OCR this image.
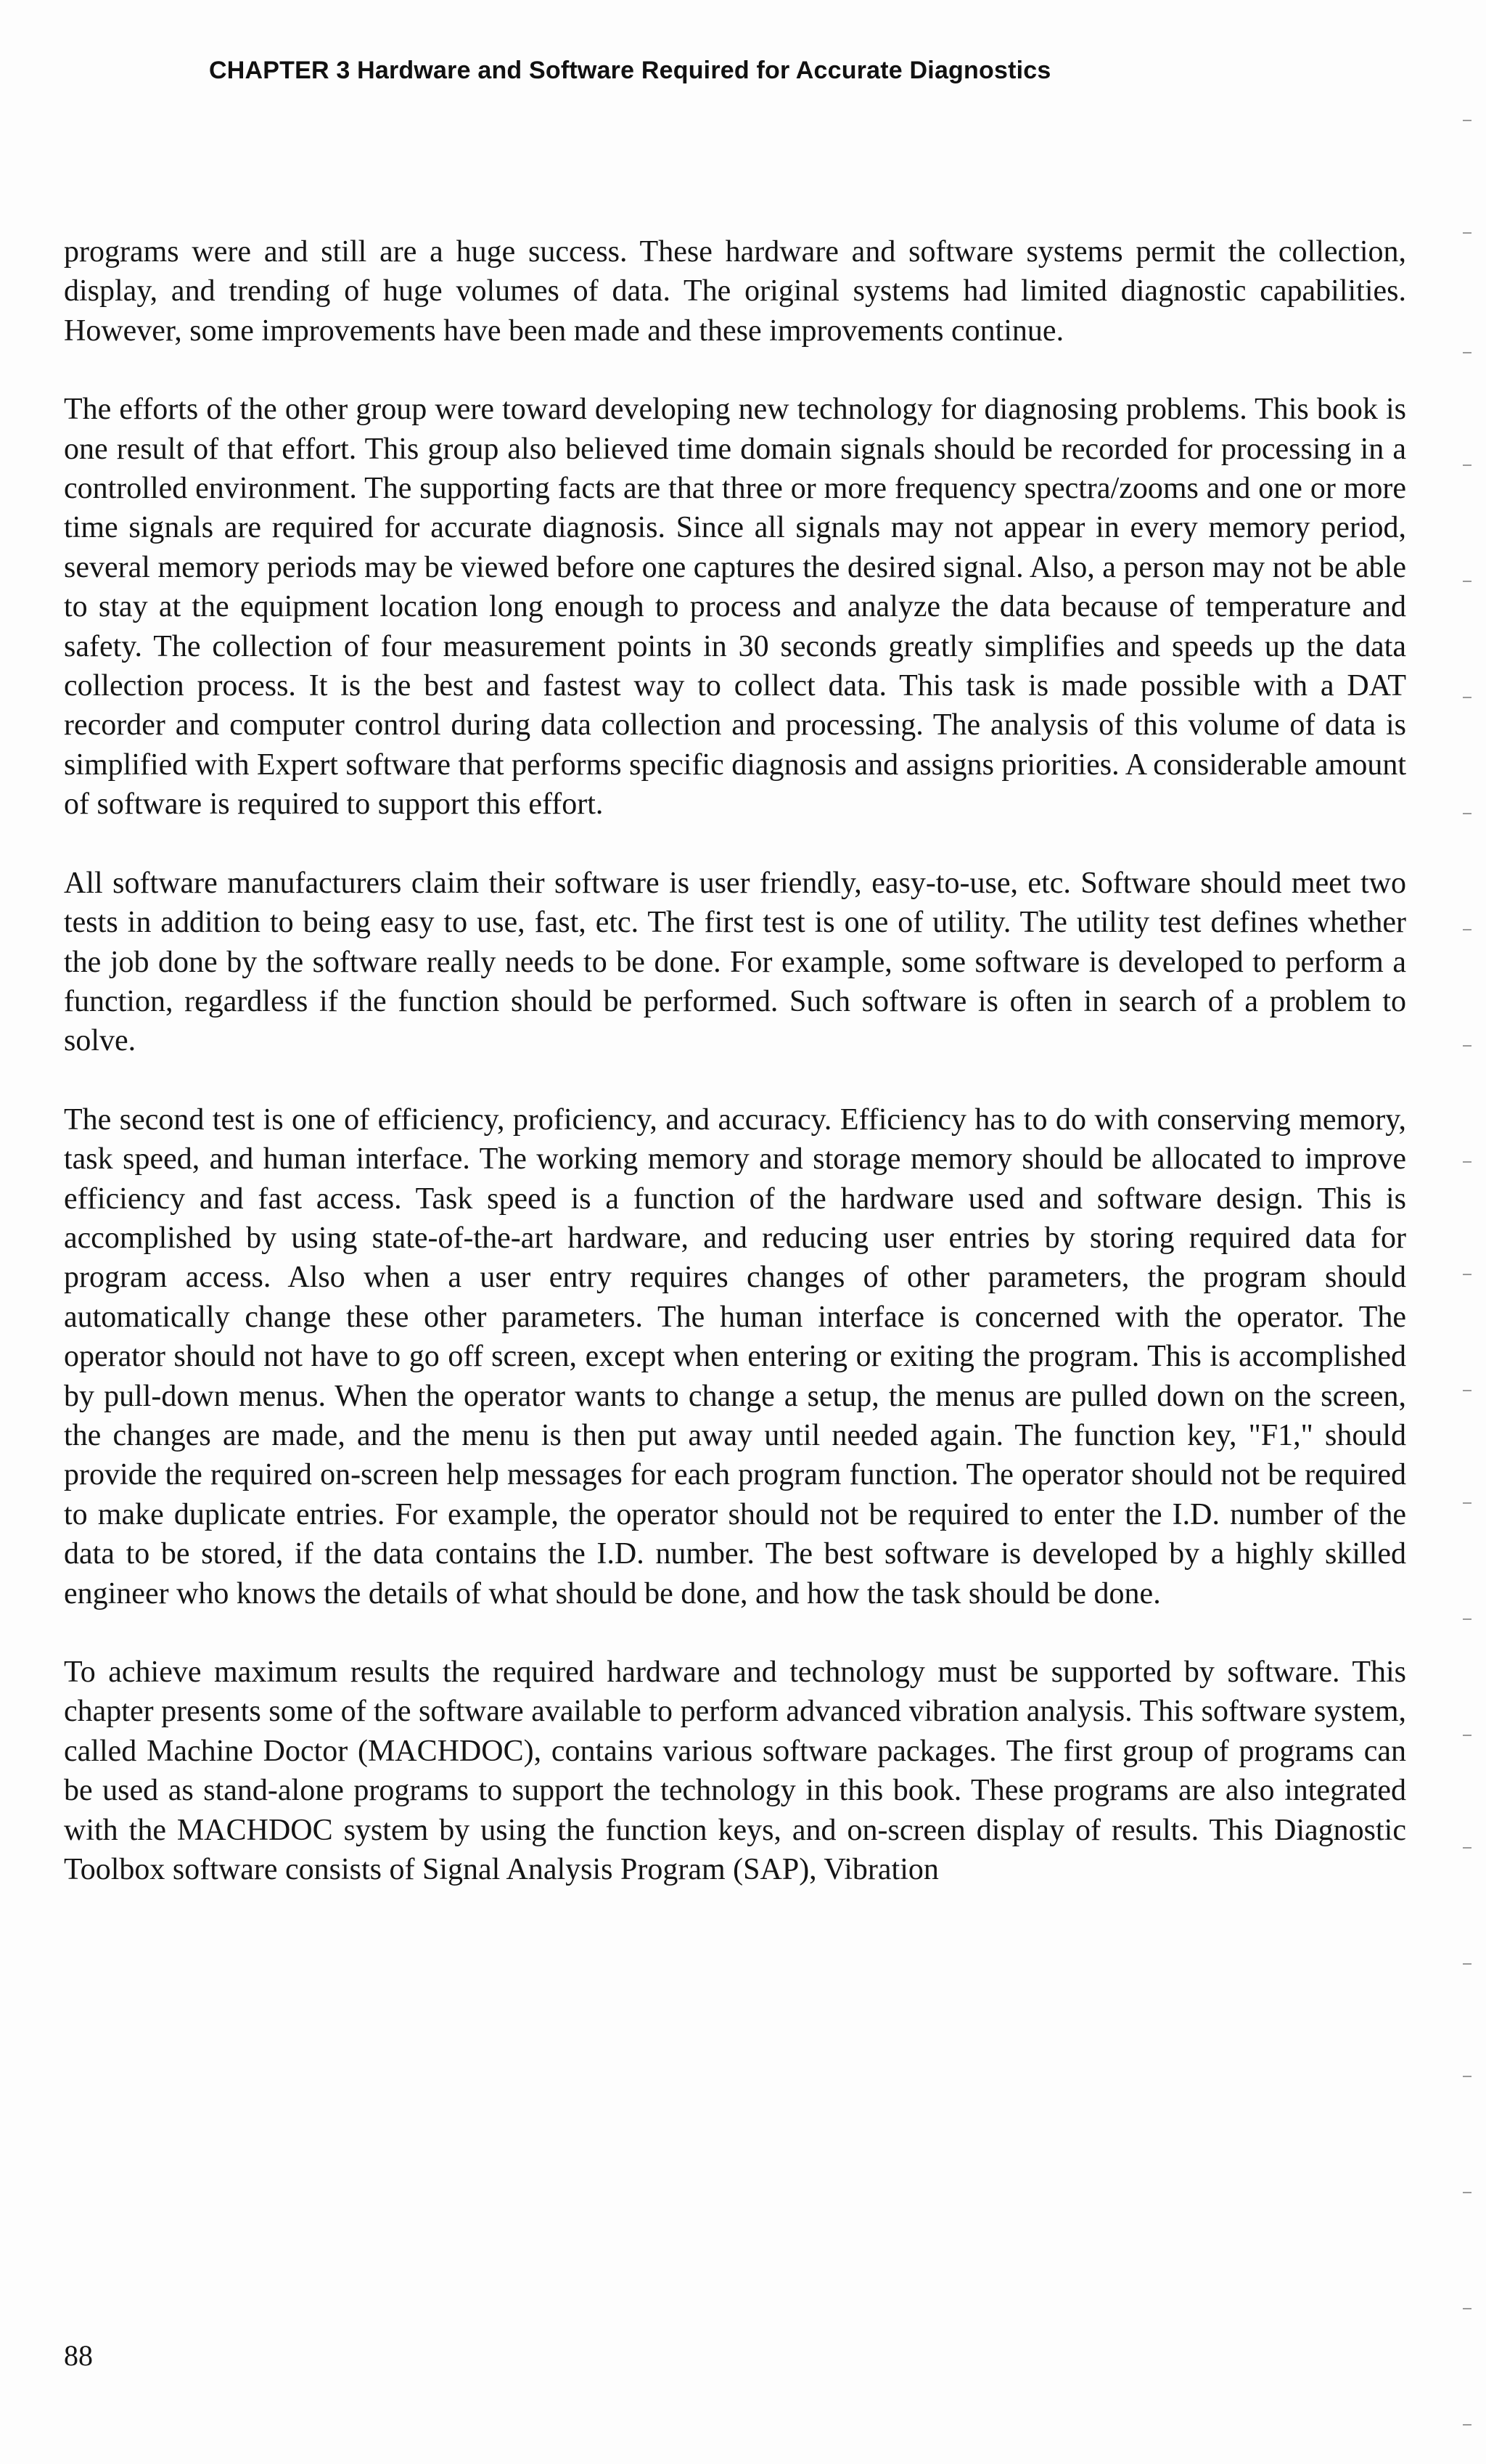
CHAPTER 3 Hardware and Software Required for Accurate Diagnostics

programs were and still are a huge success. These hardware and software systems permit the collection, display, and trending of huge volumes of data. The original systems had limited diagnostic capabilities. However, some improvements have been made and these improvements continue.

The efforts of the other group were toward developing new technology for diagnosing problems. This book is one result of that effort. This group also believed time domain signals should be recorded for processing in a controlled environment. The supporting facts are that three or more frequency spectra/zooms and one or more time signals are required for accurate diagnosis. Since all signals may not appear in every memory period, several memory periods may be viewed before one captures the desired signal. Also, a person may not be able to stay at the equipment location long enough to process and analyze the data because of temperature and safety. The collection of four measurement points in 30 seconds greatly simplifies and speeds up the data collection process. It is the best and fastest way to collect data. This task is made possible with a DAT recorder and computer control during data collection and processing. The analysis of this volume of data is simplified with Expert software that performs specific diagnosis and assigns priorities. A considerable amount of software is required to support this effort.

All software manufacturers claim their software is user friendly, easy-to-use, etc. Software should meet two tests in addition to being easy to use, fast, etc. The first test is one of utility. The utility test defines whether the job done by the software really needs to be done. For example, some software is developed to perform a function, regardless if the function should be performed. Such software is often in search of a problem to solve.

The second test is one of efficiency, proficiency, and accuracy. Efficiency has to do with conserving memory, task speed, and human interface. The working memory and storage memory should be allocated to improve efficiency and fast access. Task speed is a function of the hardware used and software design. This is accomplished by using state-of-the-art hardware, and reducing user entries by storing required data for program access. Also when a user entry requires changes of other parameters, the program should automatically change these other parameters. The human interface is concerned with the operator. The operator should not have to go off screen, except when entering or exiting the program. This is accomplished by pull-down menus. When the operator wants to change a setup, the menus are pulled down on the screen, the changes are made, and the menu is then put away until needed again. The function key, "F1," should provide the required on-screen help messages for each program function. The operator should not be required to make duplicate entries. For example, the operator should not be required to enter the I.D. number of the data to be stored, if the data contains the I.D. number. The best software is developed by a highly skilled engineer who knows the details of what should be done, and how the task should be done.

To achieve maximum results the required hardware and technology must be supported by software. This chapter presents some of the software available to perform advanced vibration analysis. This software system, called Machine Doctor (MACHDOC), contains various software packages. The first group of programs can be used as stand-alone programs to support the technology in this book. These programs are also integrated with the MACHDOC system by using the function keys, and on-screen display of results. This Diagnostic Toolbox software consists of Signal Analysis Program (SAP), Vibration

88
